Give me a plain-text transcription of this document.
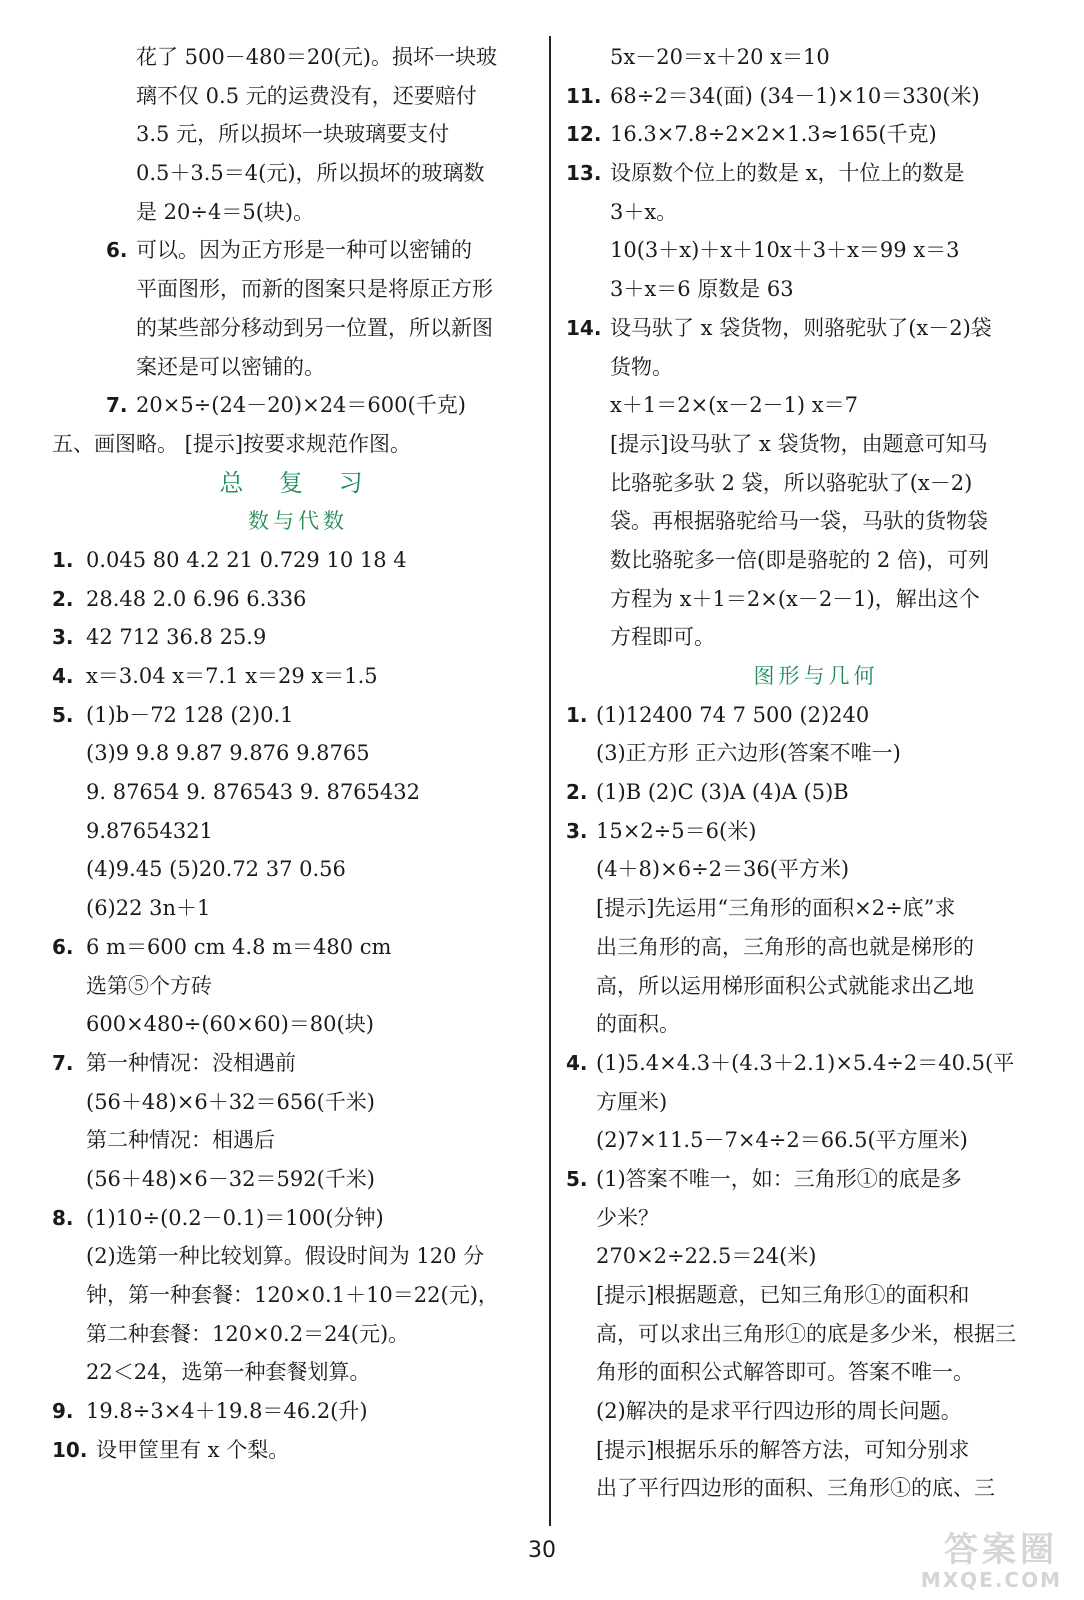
花了 500－480＝20(元)。损坏一块玻
璃不仅 0.5 元的运费没有，还要赔付
3.5 元，所以损坏一块玻璃要支付
0.5＋3.5＝4(元)，所以损坏的玻璃数
是 20÷4＝5(块)。
6. 可以。因为正方形是一种可以密铺的
平面图形，而新的图案只是将原正方形
的某些部分移动到另一位置，所以新图
案还是可以密铺的。
7. 20×5÷(24－20)×24＝600(千克)
五、画图略。 [提示]按要求规范作图。
总 复 习
数与代数
1. 0.045 80 4.2 21 0.729 10 18 4
2. 28.48 2.0 6.96 6.336
3. 42 712 36.8 25.9
4. x＝3.04 x＝7.1 x＝29 x＝1.5
5. (1)b－72 128 (2)0.1
(3)9 9.8 9.87 9.876 9.8765
9. 87654 9. 876543 9. 8765432
9.87654321
(4)9.45 (5)20.72 37 0.56
(6)22 3n＋1
6. 6 m＝600 cm 4.8 m＝480 cm
选第⑤个方砖
600×480÷(60×60)＝80(块)
7. 第一种情况：没相遇前
(56＋48)×6＋32＝656(千米)
第二种情况：相遇后
(56＋48)×6－32＝592(千米)
8. (1)10÷(0.2－0.1)＝100(分钟)
(2)选第一种比较划算。假设时间为 120 分
钟，第一种套餐：120×0.1＋10＝22(元)，
第二种套餐：120×0.2＝24(元)。
22＜24，选第一种套餐划算。
9. 19.8÷3×4＋19.8＝46.2(升)
10. 设甲筐里有 x 个梨。
5x－20＝x＋20 x＝10
11. 68÷2＝34(面) (34－1)×10＝330(米)
12. 16.3×7.8÷2×2×1.3≈165(千克)
13. 设原数个位上的数是 x，十位上的数是
3＋x。
10(3＋x)＋x＋10x＋3＋x＝99 x＝3
3＋x＝6 原数是 63
14. 设马驮了 x 袋货物，则骆驼驮了(x－2)袋
货物。
x＋1＝2×(x－2－1) x＝7
[提示]设马驮了 x 袋货物，由题意可知马
比骆驼多驮 2 袋，所以骆驼驮了(x－2)
袋。再根据骆驼给马一袋，马驮的货物袋
数比骆驼多一倍(即是骆驼的 2 倍)，可列
方程为 x＋1＝2×(x－2－1)，解出这个
方程即可。
图形与几何
1. (1)12400 74 7 500 (2)240
(3)正方形 正六边形(答案不唯一)
2. (1)B (2)C (3)A (4)A (5)B
3. 15×2÷5＝6(米)
(4＋8)×6÷2＝36(平方米)
[提示]先运用“三角形的面积×2÷底”求
出三角形的高，三角形的高也就是梯形的
高，所以运用梯形面积公式就能求出乙地
的面积。
4. (1)5.4×4.3＋(4.3＋2.1)×5.4÷2＝40.5(平
方厘米)
(2)7×11.5－7×4÷2＝66.5(平方厘米)
5. (1)答案不唯一，如：三角形①的底是多
少米？
270×2÷22.5＝24(米)
[提示]根据题意，已知三角形①的面积和
高，可以求出三角形①的底是多少米，根据三
角形的面积公式解答即可。答案不唯一。
(2)解决的是求平行四边形的周长问题。
[提示]根据乐乐的解答方法，可知分别求
出了平行四边形的面积、三角形①的底、三
30	答案圈
MXQE.COM
